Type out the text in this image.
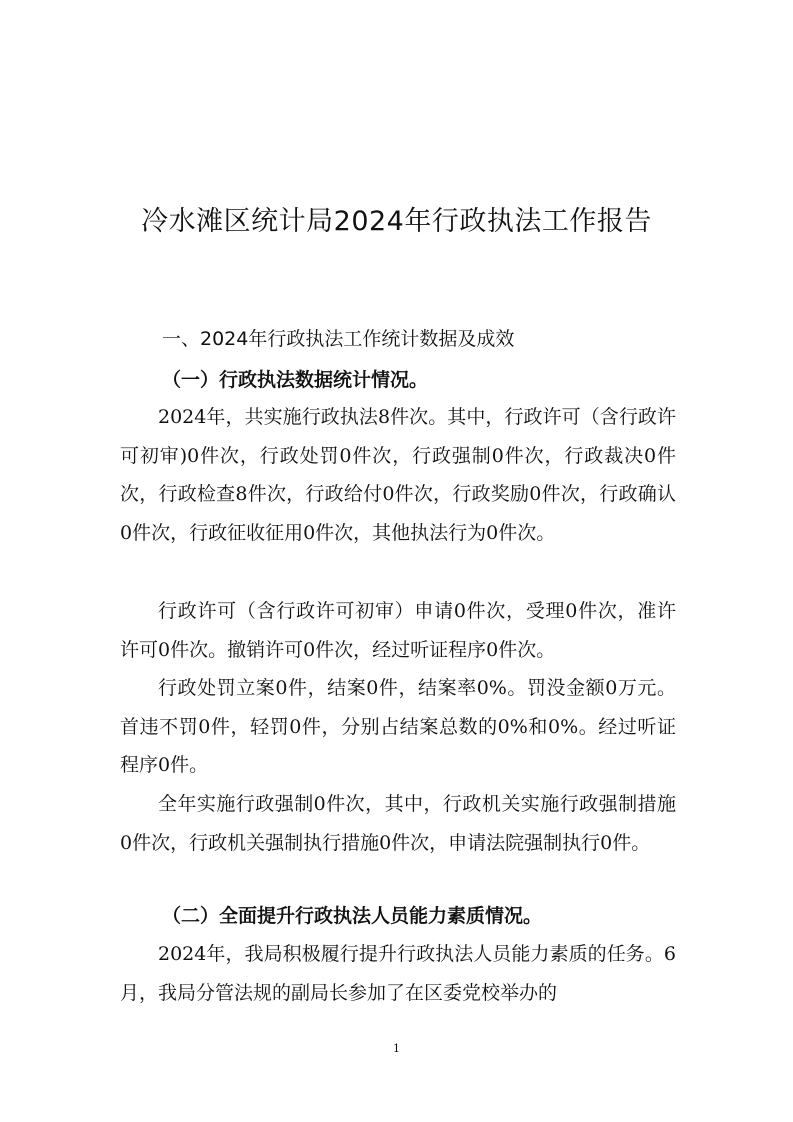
冷水滩区统计局2024年行政执法工作报告
一、2024年行政执法工作统计数据及成效
（一）行政执法数据统计情况。

2024年，共实施行政执法8件次。其中，行政许可（含行政许可初审)0件次，行政处罚0件次，行政强制0件次，行政裁决0件次，行政检查8件次，行政给付0件次，行政奖励0件次，行政确认0件次，行政征收征用0件次，其他执法行为0件次。

行政许可（含行政许可初审）申请0件次，受理0件次，准许许可0件次。撤销许可0件次，经过听证程序0件次。

行政处罚立案0件，结案0件，结案率0%。罚没金额0万元。首违不罚0件，轻罚0件，分别占结案总数的0%和0%。经过听证程序0件。

全年实施行政强制0件次，其中，行政机关实施行政强制措施0件次，行政机关强制执行措施0件次，申请法院强制执行0件。

（二）全面提升行政执法人员能力素质情况。

2024年，我局积极履行提升行政执法人员能力素质的任务。6月，我局分管法规的副局长参加了在区委党校举办的

1
